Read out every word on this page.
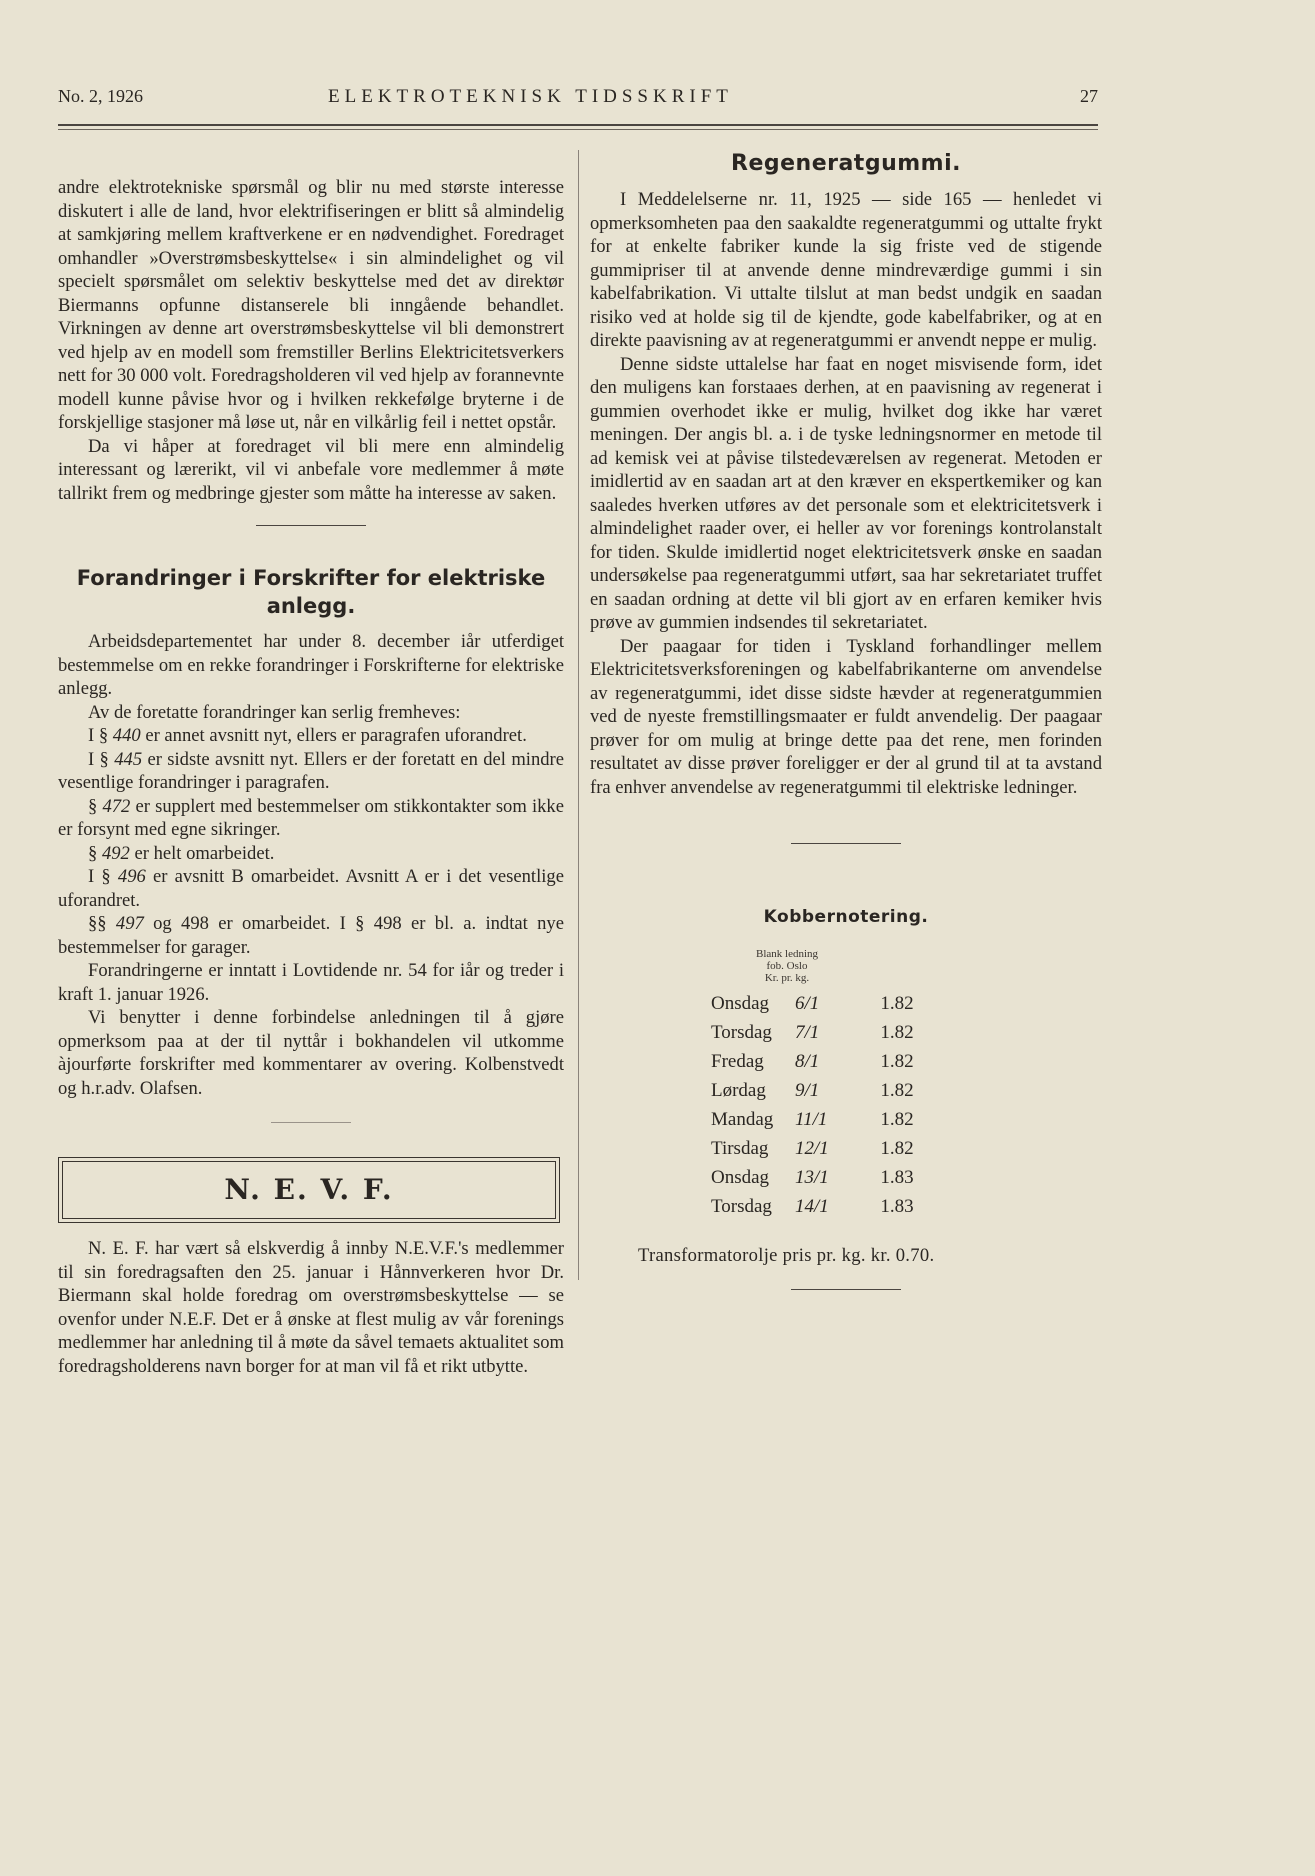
No. 2, 1926	ELEKTROTEKNISK TIDSSKRIFT	27

andre elektrotekniske spørsmål og blir nu med største interesse diskutert i alle de land, hvor elektrifiseringen er blitt så almindelig at samkjøring mellem kraftverkene er en nødvendighet. Foredraget omhandler »Overstrømsbeskyttelse« i sin almindelighet og vil specielt spørsmålet om selektiv beskyttelse med det av direktør Biermanns opfunne distanserele bli inngående behandlet. Virkningen av denne art overstrømsbeskyttelse vil bli demonstrert ved hjelp av en modell som fremstiller Berlins Elektricitetsverkers nett for 30 000 volt. Foredragsholderen vil ved hjelp av forannevnte modell kunne påvise hvor og i hvilken rekkefølge bryterne i de forskjellige stasjoner må løse ut, når en vilkårlig feil i nettet opstår.

Da vi håper at foredraget vil bli mere enn almindelig interessant og lærerikt, vil vi anbefale vore medlemmer å møte tallrikt frem og medbringe gjester som måtte ha interesse av saken.

Forandringer i Forskrifter for elektriske anlegg.

Arbeidsdepartementet har under 8. december iår utferdiget bestemmelse om en rekke forandringer i Forskrifterne for elektriske anlegg.

Av de foretatte forandringer kan serlig fremheves:

I § 440 er annet avsnitt nyt, ellers er paragrafen uforandret.

I § 445 er sidste avsnitt nyt. Ellers er der foretatt en del mindre vesentlige forandringer i paragrafen.

§ 472 er supplert med bestemmelser om stikkontakter som ikke er forsynt med egne sikringer.

§ 492 er helt omarbeidet.

I § 496 er avsnitt B omarbeidet. Avsnitt A er i det vesentlige uforandret.

§§ 497 og 498 er omarbeidet. I § 498 er bl. a. indtat nye bestemmelser for garager.

Forandringerne er inntatt i Lovtidende nr. 54 for iår og treder i kraft 1. januar 1926.

Vi benytter i denne forbindelse anledningen til å gjøre opmerksom paa at der til nyttår i bokhandelen vil utkomme àjourførte forskrifter med kommentarer av overing. Kolbenstvedt og h.r.adv. Olafsen.

N. E. V. F.

N. E. F. har vært så elskverdig å innby N.E.V.F.'s medlemmer til sin foredragsaften den 25. januar i Hånnverkeren hvor Dr. Biermann skal holde foredrag om overstrømsbeskyttelse — se ovenfor under N.E.F. Det er å ønske at flest mulig av vår forenings medlemmer har anledning til å møte da såvel temaets aktualitet som foredragsholderens navn borger for at man vil få et rikt utbytte.

Regeneratgummi.

I Meddelelserne nr. 11, 1925 — side 165 — henledet vi opmerksomheten paa den saakaldte regeneratgummi og uttalte frykt for at enkelte fabriker kunde la sig friste ved de stigende gummipriser til at anvende denne mindreværdige gummi i sin kabelfabrikation. Vi uttalte tilslut at man bedst undgik en saadan risiko ved at holde sig til de kjendte, gode kabelfabriker, og at en direkte paavisning av at regeneratgummi er anvendt neppe er mulig.

Denne sidste uttalelse har faat en noget misvisende form, idet den muligens kan forstaaes derhen, at en paavisning av regenerat i gummien overhodet ikke er mulig, hvilket dog ikke har været meningen. Der angis bl. a. i de tyske ledningsnormer en metode til ad kemisk vei at påvise tilstedeværelsen av regenerat. Metoden er imidlertid av en saadan art at den kræver en ekspertkemiker og kan saaledes hverken utføres av det personale som et elektricitetsverk i almindelighet raader over, ei heller av vor forenings kontrolanstalt for tiden. Skulde imidlertid noget elektricitetsverk ønske en saadan undersøkelse paa regeneratgummi utført, saa har sekretariatet truffet en saadan ordning at dette vil bli gjort av en erfaren kemiker hvis prøve av gummien indsendes til sekretariatet.

Der paagaar for tiden i Tyskland forhandlinger mellem Elektricitetsverksforeningen og kabelfabrikanterne om anvendelse av regeneratgummi, idet disse sidste hævder at regeneratgummien ved de nyeste fremstillingsmaater er fuldt anvendelig. Der paagaar prøver for om mulig at bringe dette paa det rene, men forinden resultatet av disse prøver foreligger er der al grund til at ta avstand fra enhver anvendelse av regeneratgummi til elektriske ledninger.

Kobbernotering.

Blank ledning
fob. Oslo
Kr. pr. kg.
Onsdag	6/1	1.82
Torsdag	7/1	1.82
Fredag	8/1	1.82
Lørdag	9/1	1.82
Mandag	11/1	1.82
Tirsdag	12/1	1.82
Onsdag	13/1	1.83
Torsdag	14/1	1.83

Transformatorolje pris pr. kg. kr. 0.70.
